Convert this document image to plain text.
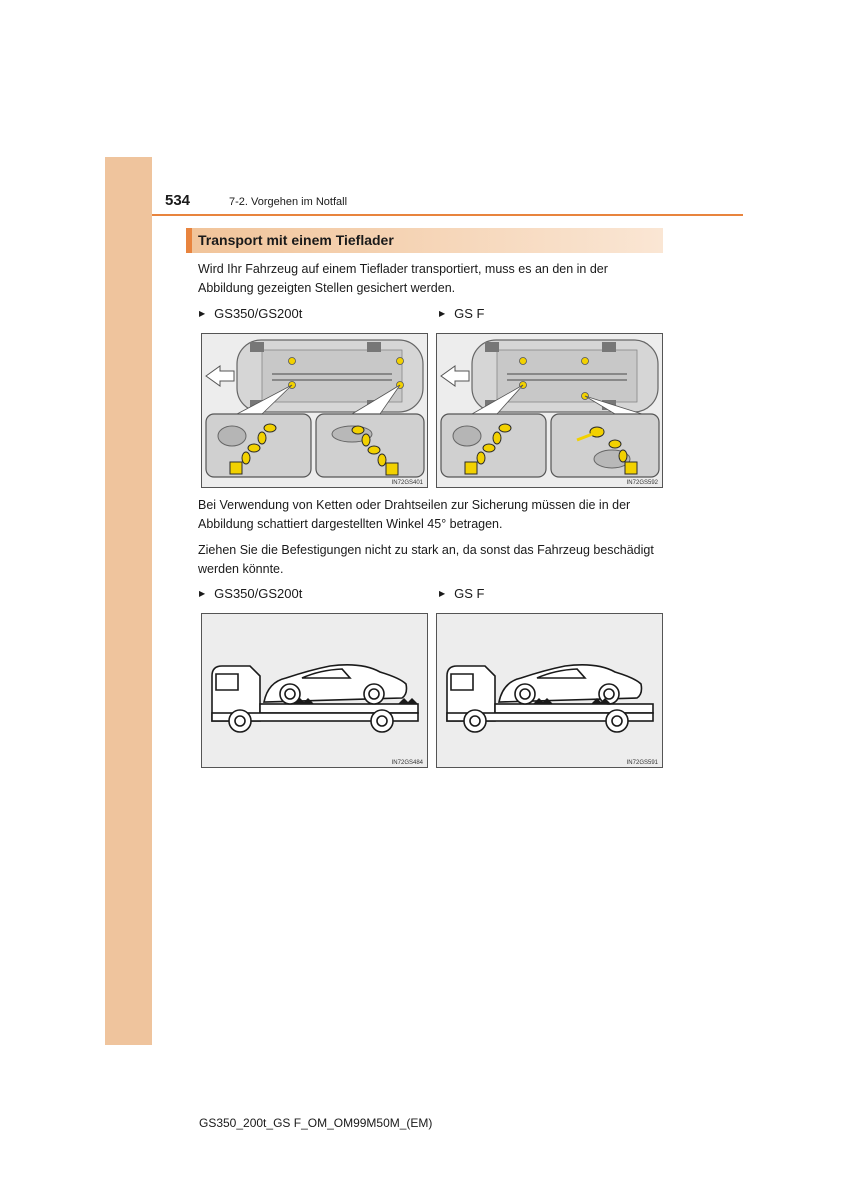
534	7-2. Vorgehen im Notfall
Transport mit einem Tieflader
Wird Ihr Fahrzeug auf einem Tieflader transportiert, muss es an den in der Abbildung gezeigten Stellen gesichert werden.
▶ GS350/GS200t	▶ GS F
IN72GS401	IN72GS592
Bei Verwendung von Ketten oder Drahtseilen zur Sicherung müssen die in der Abbildung schattiert dargestellten Winkel 45° betragen.
Ziehen Sie die Befestigungen nicht zu stark an, da sonst das Fahrzeug beschädigt werden könnte.
▶ GS350/GS200t	▶ GS F
IN72GS484	IN72GS591
GS350_200t_GS F_OM_OM99M50M_(EM)
